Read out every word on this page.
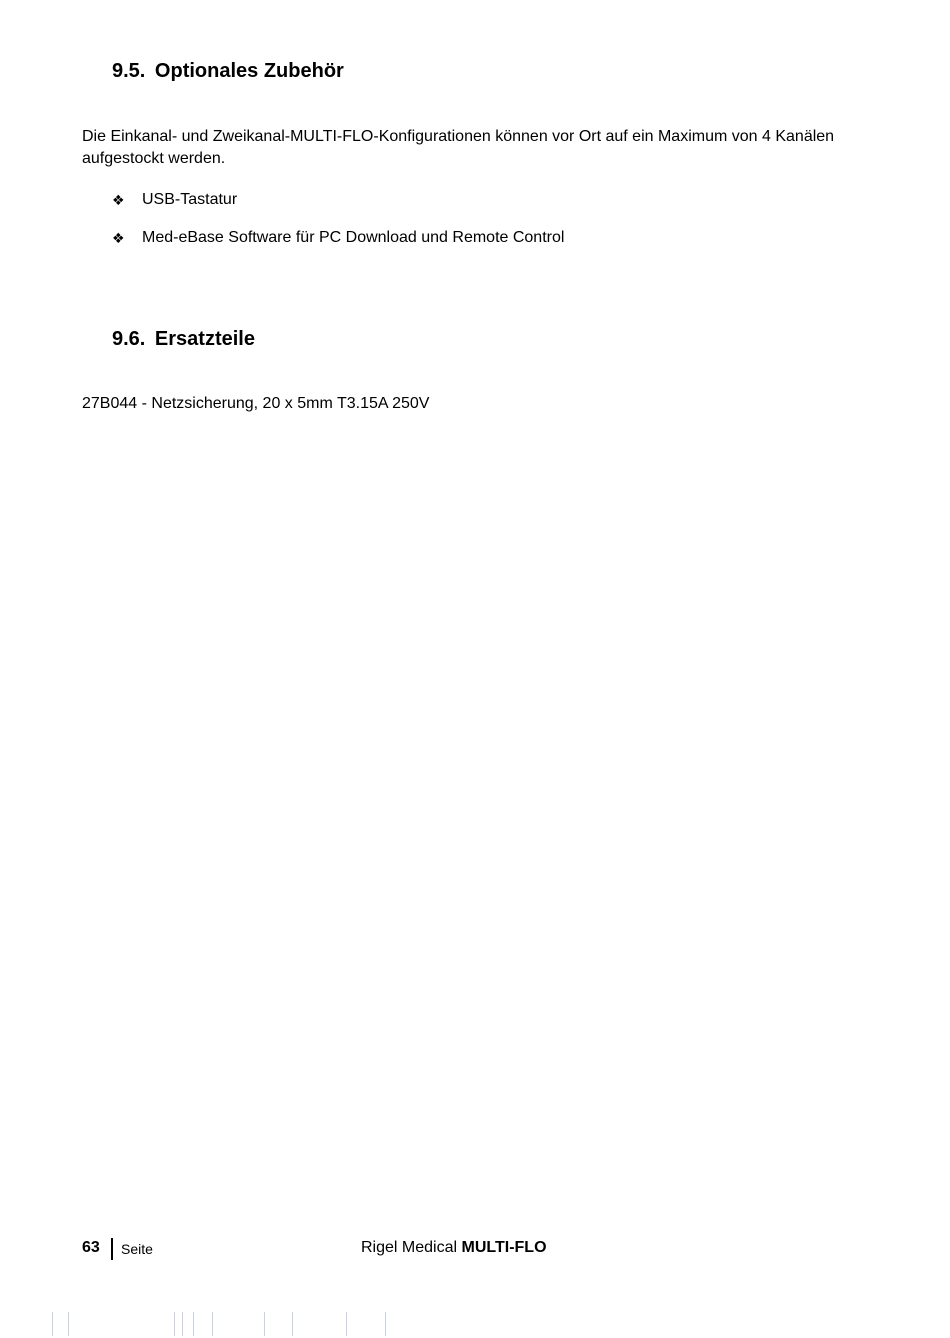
9.5. Optionales Zubehör

Die Einkanal- und Zweikanal-MULTI-FLO-Konfigurationen können vor Ort auf ein Maximum von 4 Kanälen aufgestockt werden.

❖	USB-Tastatur
❖	Med-eBase Software für PC Download und Remote Control
9.6. Ersatzteile

27B044 - Netzsicherung, 20 x 5mm T3.15A 250V

63 Seite	Rigel Medical MULTI-FLO
